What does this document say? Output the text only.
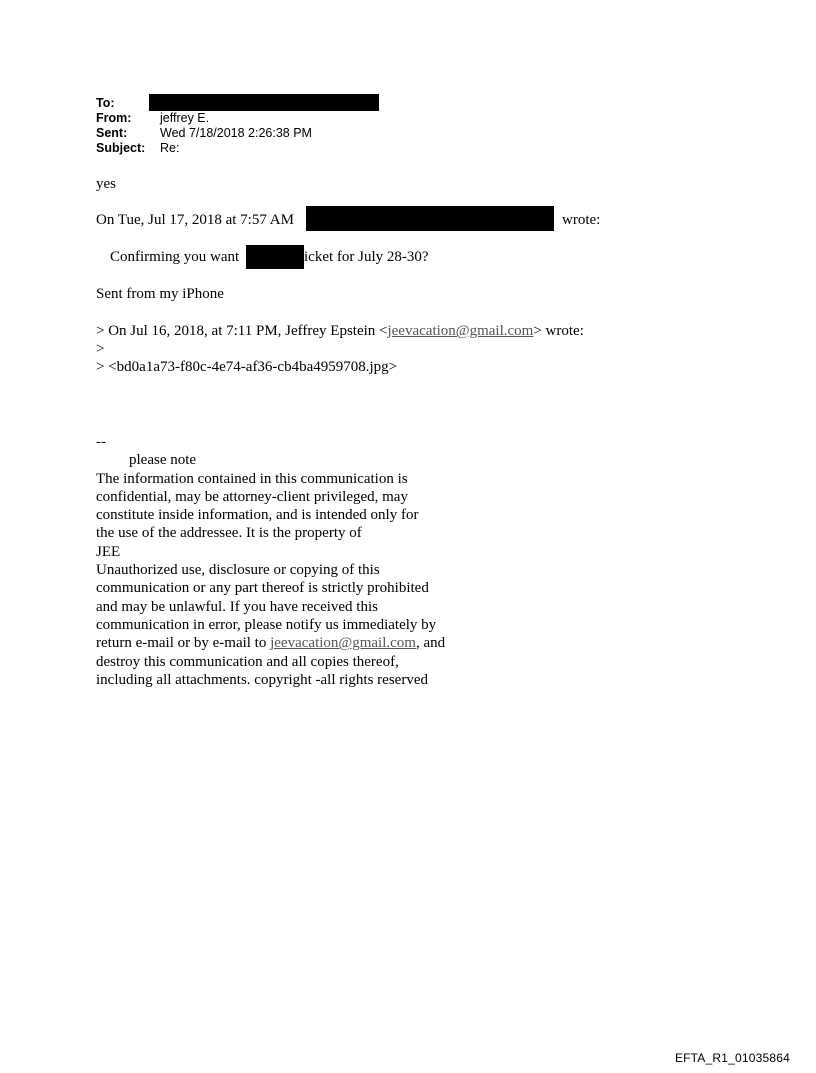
To:
From:	jeffrey E.
Sent:	Wed 7/18/2018 2:26:38 PM
Subject:	Re:
yes
On Tue, Jul 17, 2018 at 7:57 AM	wrote:
Confirming you want	icket for July 28-30?
Sent from my iPhone
> On Jul 16, 2018, at 7:11 PM, Jeffrey Epstein <jeevacation@gmail.com> wrote:
>
> <bd0a1a73-f80c-4e74-af36-cb4ba4959708.jpg>
--
please note
The information contained in this communication is
confidential, may be attorney-client privileged, may
constitute inside information, and is intended only for
the use of the addressee. It is the property of
JEE
Unauthorized use, disclosure or copying of this
communication or any part thereof is strictly prohibited
and may be unlawful. If you have received this
communication in error, please notify us immediately by
return e-mail or by e-mail to jeevacation@gmail.com, and
destroy this communication and all copies thereof,
including all attachments. copyright -all rights reserved
EFTA_R1_01035864
